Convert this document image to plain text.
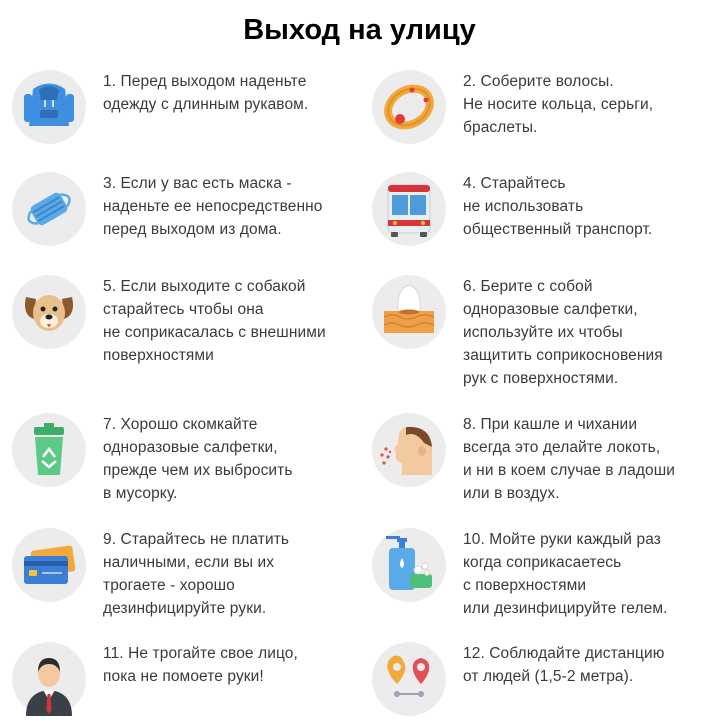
Выход на улицу
1. Перед выходом наденьте
одежду с длинным рукавом.
2. Соберите волосы.
Не носите кольца, серьги,
браслеты.
3. Если у вас есть маска -
наденьте ее непосредственно
перед выходом из дома.
4. Старайтесь
не использовать
общественный транспорт.
5. Если выходите с собакой
старайтесь чтобы она
не соприкасалась с внешними
поверхностями
6. Берите с собой
одноразовые салфетки,
используйте их чтобы
защитить соприкосновения
рук с поверхностями.
7. Хорошо скомкайте
одноразовые салфетки,
прежде чем их выбросить
в мусорку.
8. При кашле и чихании
всегда это делайте локоть,
и ни в коем случае в ладоши
или в воздух.
9. Старайтесь не платить
наличными, если вы их
трогаете - хорошо
дезинфицируйте руки.
10. Мойте руки каждый раз
когда соприкасаетесь
с поверхностями
или дезинфицируйте гелем.
11. Не трогайте свое лицо,
пока не помоете руки!
12. Соблюдайте дистанцию
от людей (1,5-2 метра).
